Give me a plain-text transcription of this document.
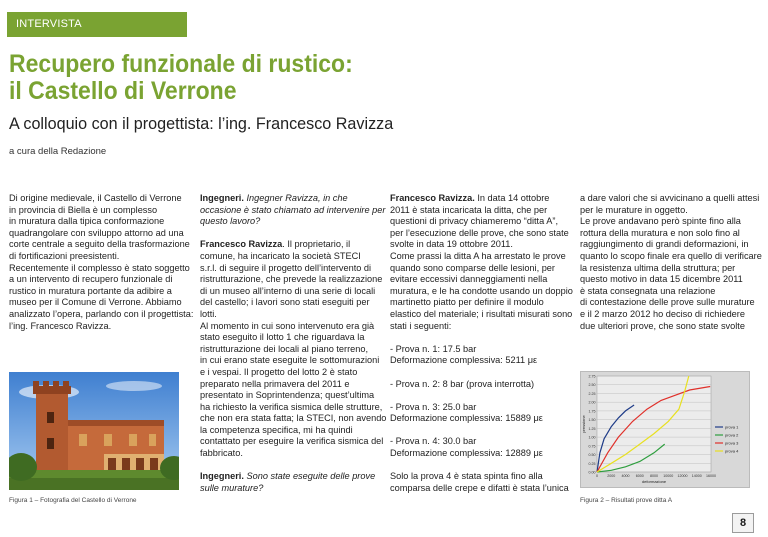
INTERVISTA
Recupero funzionale di rustico:
il Castello di Verrone
A colloquio con il progettista: l’ing. Francesco Ravizza
a cura della Redazione

Di origine medievale, il Castello di Verrone

in provincia di Biella è un complesso

in muratura dalla tipica conformazione

quadrangolare con sviluppo attorno ad una

corte centrale a seguito della trasformazione

di fortificazioni preesistenti.

Recentemente il complesso è stato soggetto

a un intervento di recupero funzionale di

rustico in muratura portante da adibire a

museo per il Comune di Verrone. Abbiamo

analizzato l’opera, parlando con il progettista:

l’ing. Francesco Ravizza.

Ingegneri. Ingegner Ravizza, in che

occasione è stato chiamato ad intervenire per

questo lavoro?

Francesco Ravizza. Il proprietario, il

comune, ha incaricato la società STECI

s.r.l. di seguire il progetto dell’intervento di

ristrutturazione, che prevede la realizzazione

di un museo all’interno di una serie di locali

del castello; i lavori sono stati eseguiti per

lotti.

Al momento in cui sono intervenuto era già

stato eseguito il lotto 1 che riguardava la

ristrutturazione dei locali al piano terreno,

in cui erano state eseguite le sottomurazioni

e i vespai. Il progetto del lotto 2 è stato

preparato nella primavera del 2011 e

presentato in Soprintendenza; quest’ultima

ha richiesto la verifica sismica delle strutture,

che non era stata fatta; la STECI, non avendo

la competenza specifica, mi ha quindi

contattato per eseguire la verifica sismica del

fabbricato.

Ingegneri. Sono state eseguite delle prove

sulle murature?

Francesco Ravizza. In data 14 ottobre

2011 è stata incaricata la ditta, che per

questioni di privacy chiameremo “ditta A”,

per l’esecuzione delle prove, che sono state

svolte in data 19 ottobre 2011.

Come prassi la ditta A ha arrestato le prove

quando sono comparse delle lesioni, per

evitare eccessivi danneggiamenti nella

muratura, e le ha condotte usando un doppio

martinetto piatto per definire il modulo

elastico del materiale; i risultati misurati sono

stati i seguenti:

- Prova n. 1: 17.5 bar

Deformazione complessiva: 5211 με

- Prova n. 2: 8 bar (prova interrotta)

- Prova n. 3: 25.0 bar

Deformazione complessiva: 15889 με

- Prova n. 4: 30.0 bar

Deformazione complessiva: 12889 με

Solo la prova 4 è stata spinta fino alla

comparsa delle crepe e difatti è stata l’unica

a dare valori che si avvicinano a quelli attesi

per le murature in oggetto.

Le prove andavano però spinte fino alla

rottura della muratura e non solo fino al

raggiungimento di grandi deformazioni, in

quanto lo scopo finale era quello di verificare

la resistenza ultima della struttura; per

questo motivo in data 15 dicembre 2011

è stata consegnata una relazione

di contestazione delle prove sulle murature

e il 2 marzo 2012 ho deciso di richiedere

due ulteriori prove, che sono state svolte

Figura 1 – Fotografia del Castello di Verrone
0.00
0.25
0.50
0.75
1.00
1.25
1.50
1.75
2.00
2.25
2.50
2.75
0	2000 4000 6000 8000 10000 12000 14000 16000
deformazione
pressione	prova 1
prova 2
prova 3
prova 4
Figura 2 – Risultati prove ditta A
8
